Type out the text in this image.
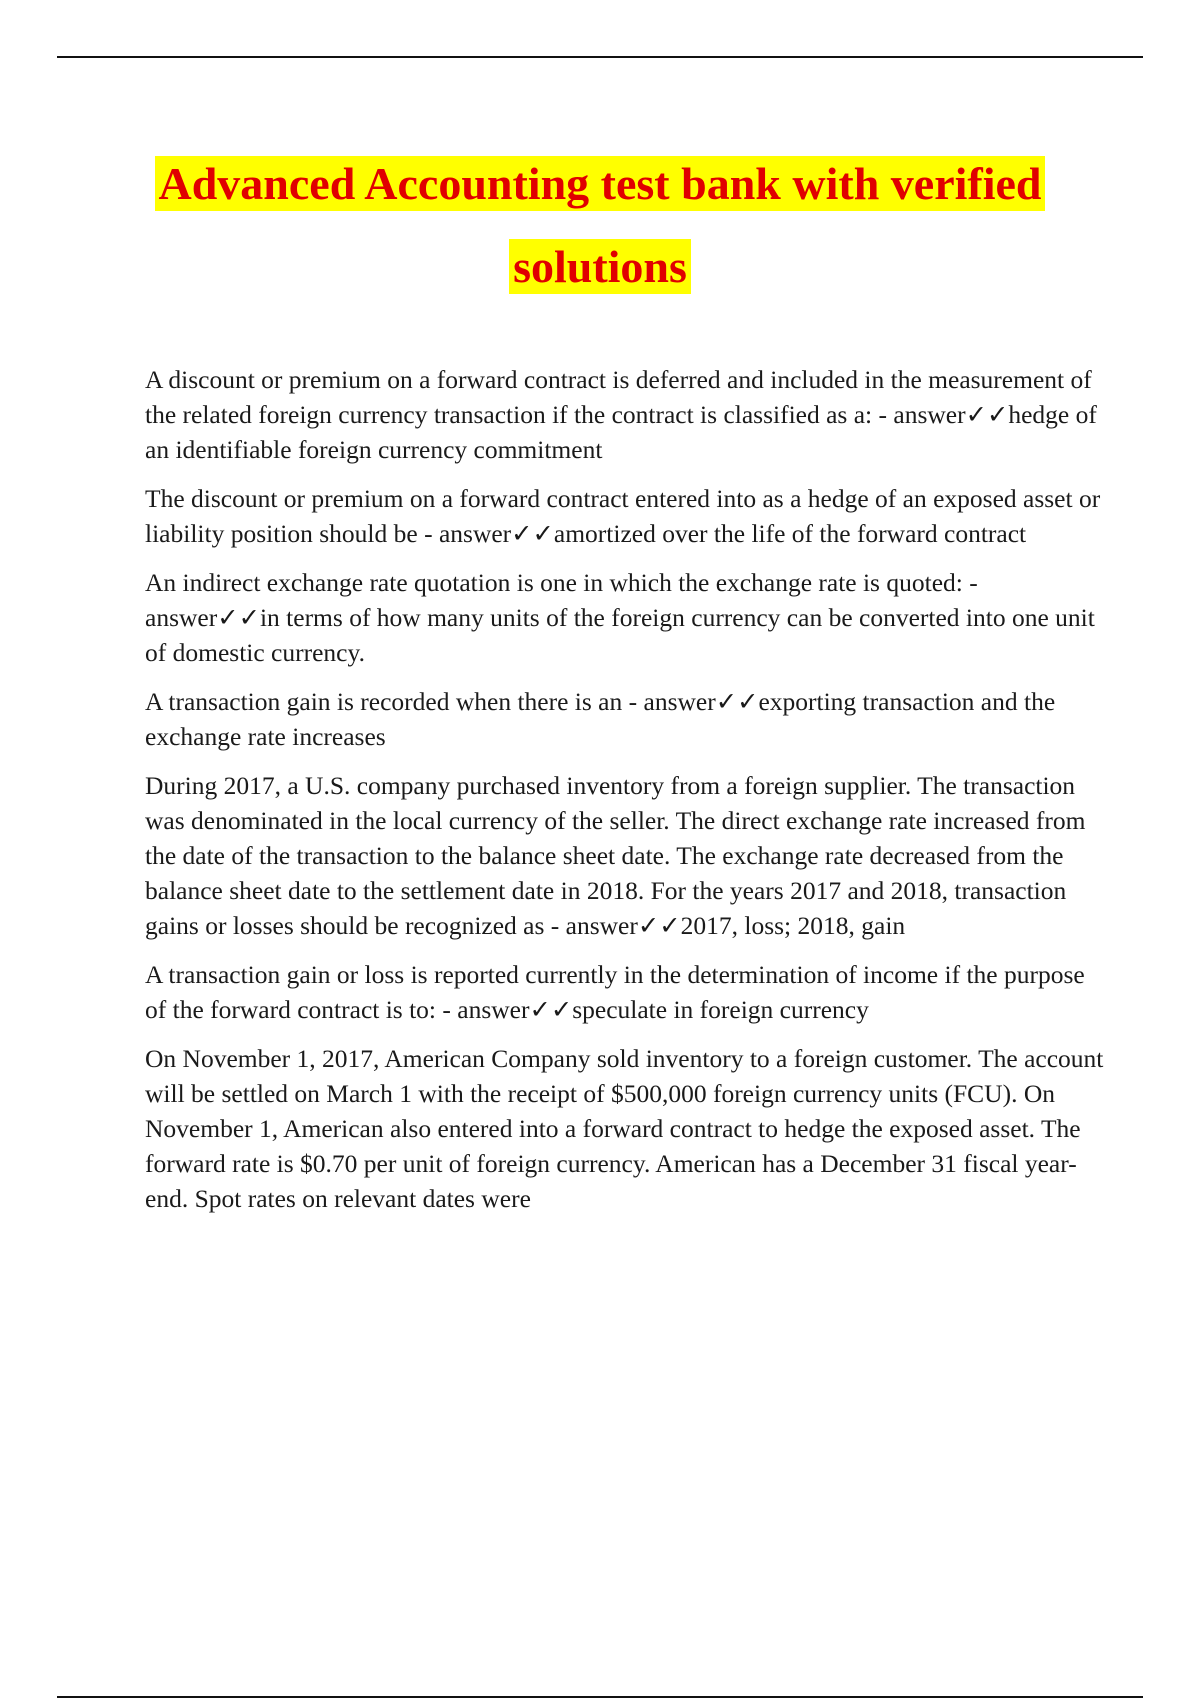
Advanced Accounting test bank with verified
solutions

A discount or premium on a forward contract is deferred and included in the measurement of the related foreign currency transaction if the contract is classified as a: - answer✓✓hedge of an identifiable foreign currency commitment

The discount or premium on a forward contract entered into as a hedge of an exposed asset or liability position should be - answer✓✓amortized over the life of the forward contract

An indirect exchange rate quotation is one in which the exchange rate is quoted: - answer✓✓in terms of how many units of the foreign currency can be converted into one unit of domestic currency.

A transaction gain is recorded when there is an - answer✓✓exporting transaction and the exchange rate increases

During 2017, a U.S. company purchased inventory from a foreign supplier. The transaction was denominated in the local currency of the seller. The direct exchange rate increased from the date of the transaction to the balance sheet date. The exchange rate decreased from the balance sheet date to the settlement date in 2018. For the years 2017 and 2018, transaction gains or losses should be recognized as - answer✓✓2017, loss; 2018, gain

A transaction gain or loss is reported currently in the determination of income if the purpose of the forward contract is to: - answer✓✓speculate in foreign currency

On November 1, 2017, American Company sold inventory to a foreign customer. The account will be settled on March 1 with the receipt of $500,000 foreign currency units (FCU). On November 1, American also entered into a forward contract to hedge the exposed asset. The forward rate is $0.70 per unit of foreign currency. American has a December 31 fiscal year-end. Spot rates on relevant dates were
